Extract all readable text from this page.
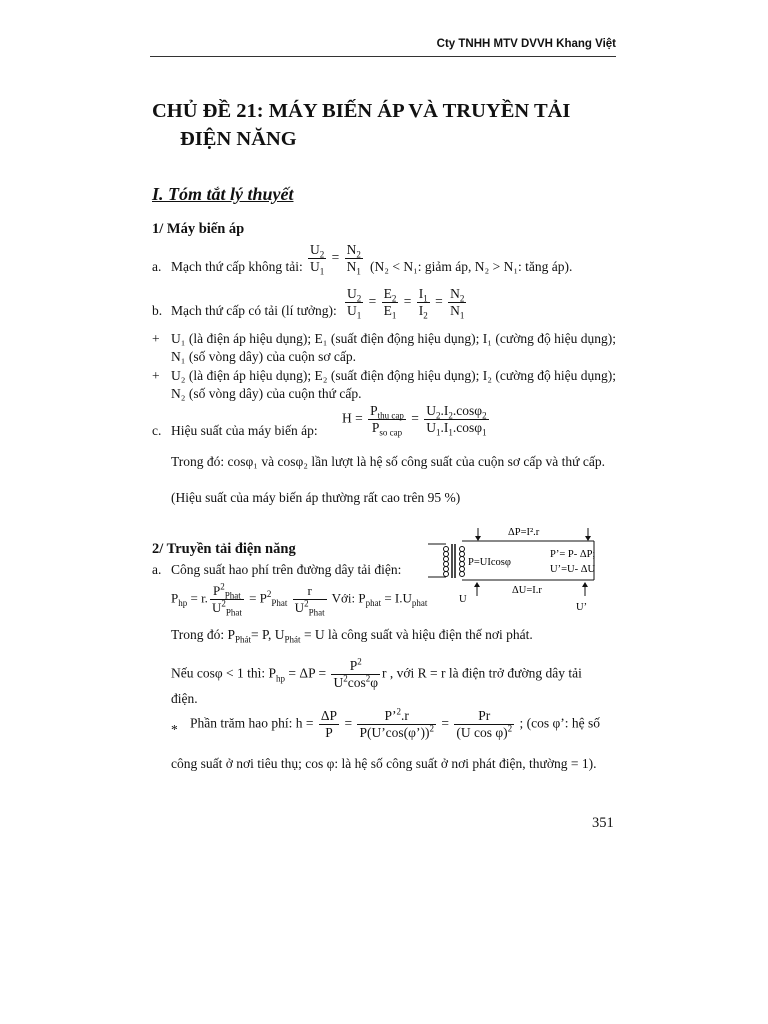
Cty TNHH MTV DVVH Khang Việt
CHỦ ĐỀ 21: MÁY BIẾN ÁP VÀ TRUYỀN TẢI
ĐIỆN NĂNG
I. Tóm tắt lý thuyết
1/ Máy biến áp
a. Mạch thứ cấp không tải: $\frac{U_2}{U_1} = \frac{N_2}{N_1} (N_2 < N_1$: giảm áp, N₂ > N₁: tăng áp).
b. Mạch thứ cấp có tải (lí tưởng): $\frac{U_2}{U_1} = \frac{E_2}{E_1} = \frac{I_1}{I_2} = \frac{N_2}{N_1}$
+ U₁ (là điện áp hiệu dụng); E₁ (suất điện động hiệu dụng); I₁ (cường độ hiệu dụng); N₁ (số vòng dây) của cuộn sơ cấp.
+ U₂ (là điện áp hiệu dụng); E₂ (suất điện động hiệu dụng); I₂ (cường độ hiệu dụng); N₂ (số vòng dây) của cuộn thứ cấp.
c. Hiệu suất của máy biến áp:
$H = \frac{P_{thu cap}}{P_{so cap}} = \frac{U_2.I_2.\cos\varphi_2}{U_1.I_1.\cos\varphi_1}$
Trong đó: cosφ₁ và cosφ₂ lần lượt là hệ số công suất của cuộn sơ cấp và thứ cấp.
(Hiệu suất của máy biến áp thường rất cao trên 95 %)
2/ Truyền tải điện năng
a. Công suất hao phí trên đường dây tải điện:
$P_{hp} = r$. $\frac{P^2_{Phat}}{U^2_{Phat}} = P^2_{Phat} \frac{r}{U^2_{Phat}}$ Với: $P_{phat} = I.U_{phat}$
Trong đó: $P_{Phát}= P$, $U_{Phát} = U$ là công suất và hiệu điện thế nơi phát.
Nếu cosφ < 1 thì: $P_{hp} = \Delta P = \frac{P^2}{U^2\cos^2\varphi}$ r , với R = r là điện trở đường dây tải
điện.
* Phần trăm hao phí: $h = \frac{\Delta P}{P} = \frac{P’^2.r}{P(U’\cos(\varphi’))^2} = \frac{Pr}{(U \cos \varphi)^2}$ ; (cos φ’: hệ số
công suất ở nơi tiêu thụ; cos φ: là hệ số công suất ở nơi phát điện, thường = 1).
ΔP=I².r
P=UIcosφ
P’= P- ΔP;
U’=U- ΔU
ΔU=I.r
U
U’
351
